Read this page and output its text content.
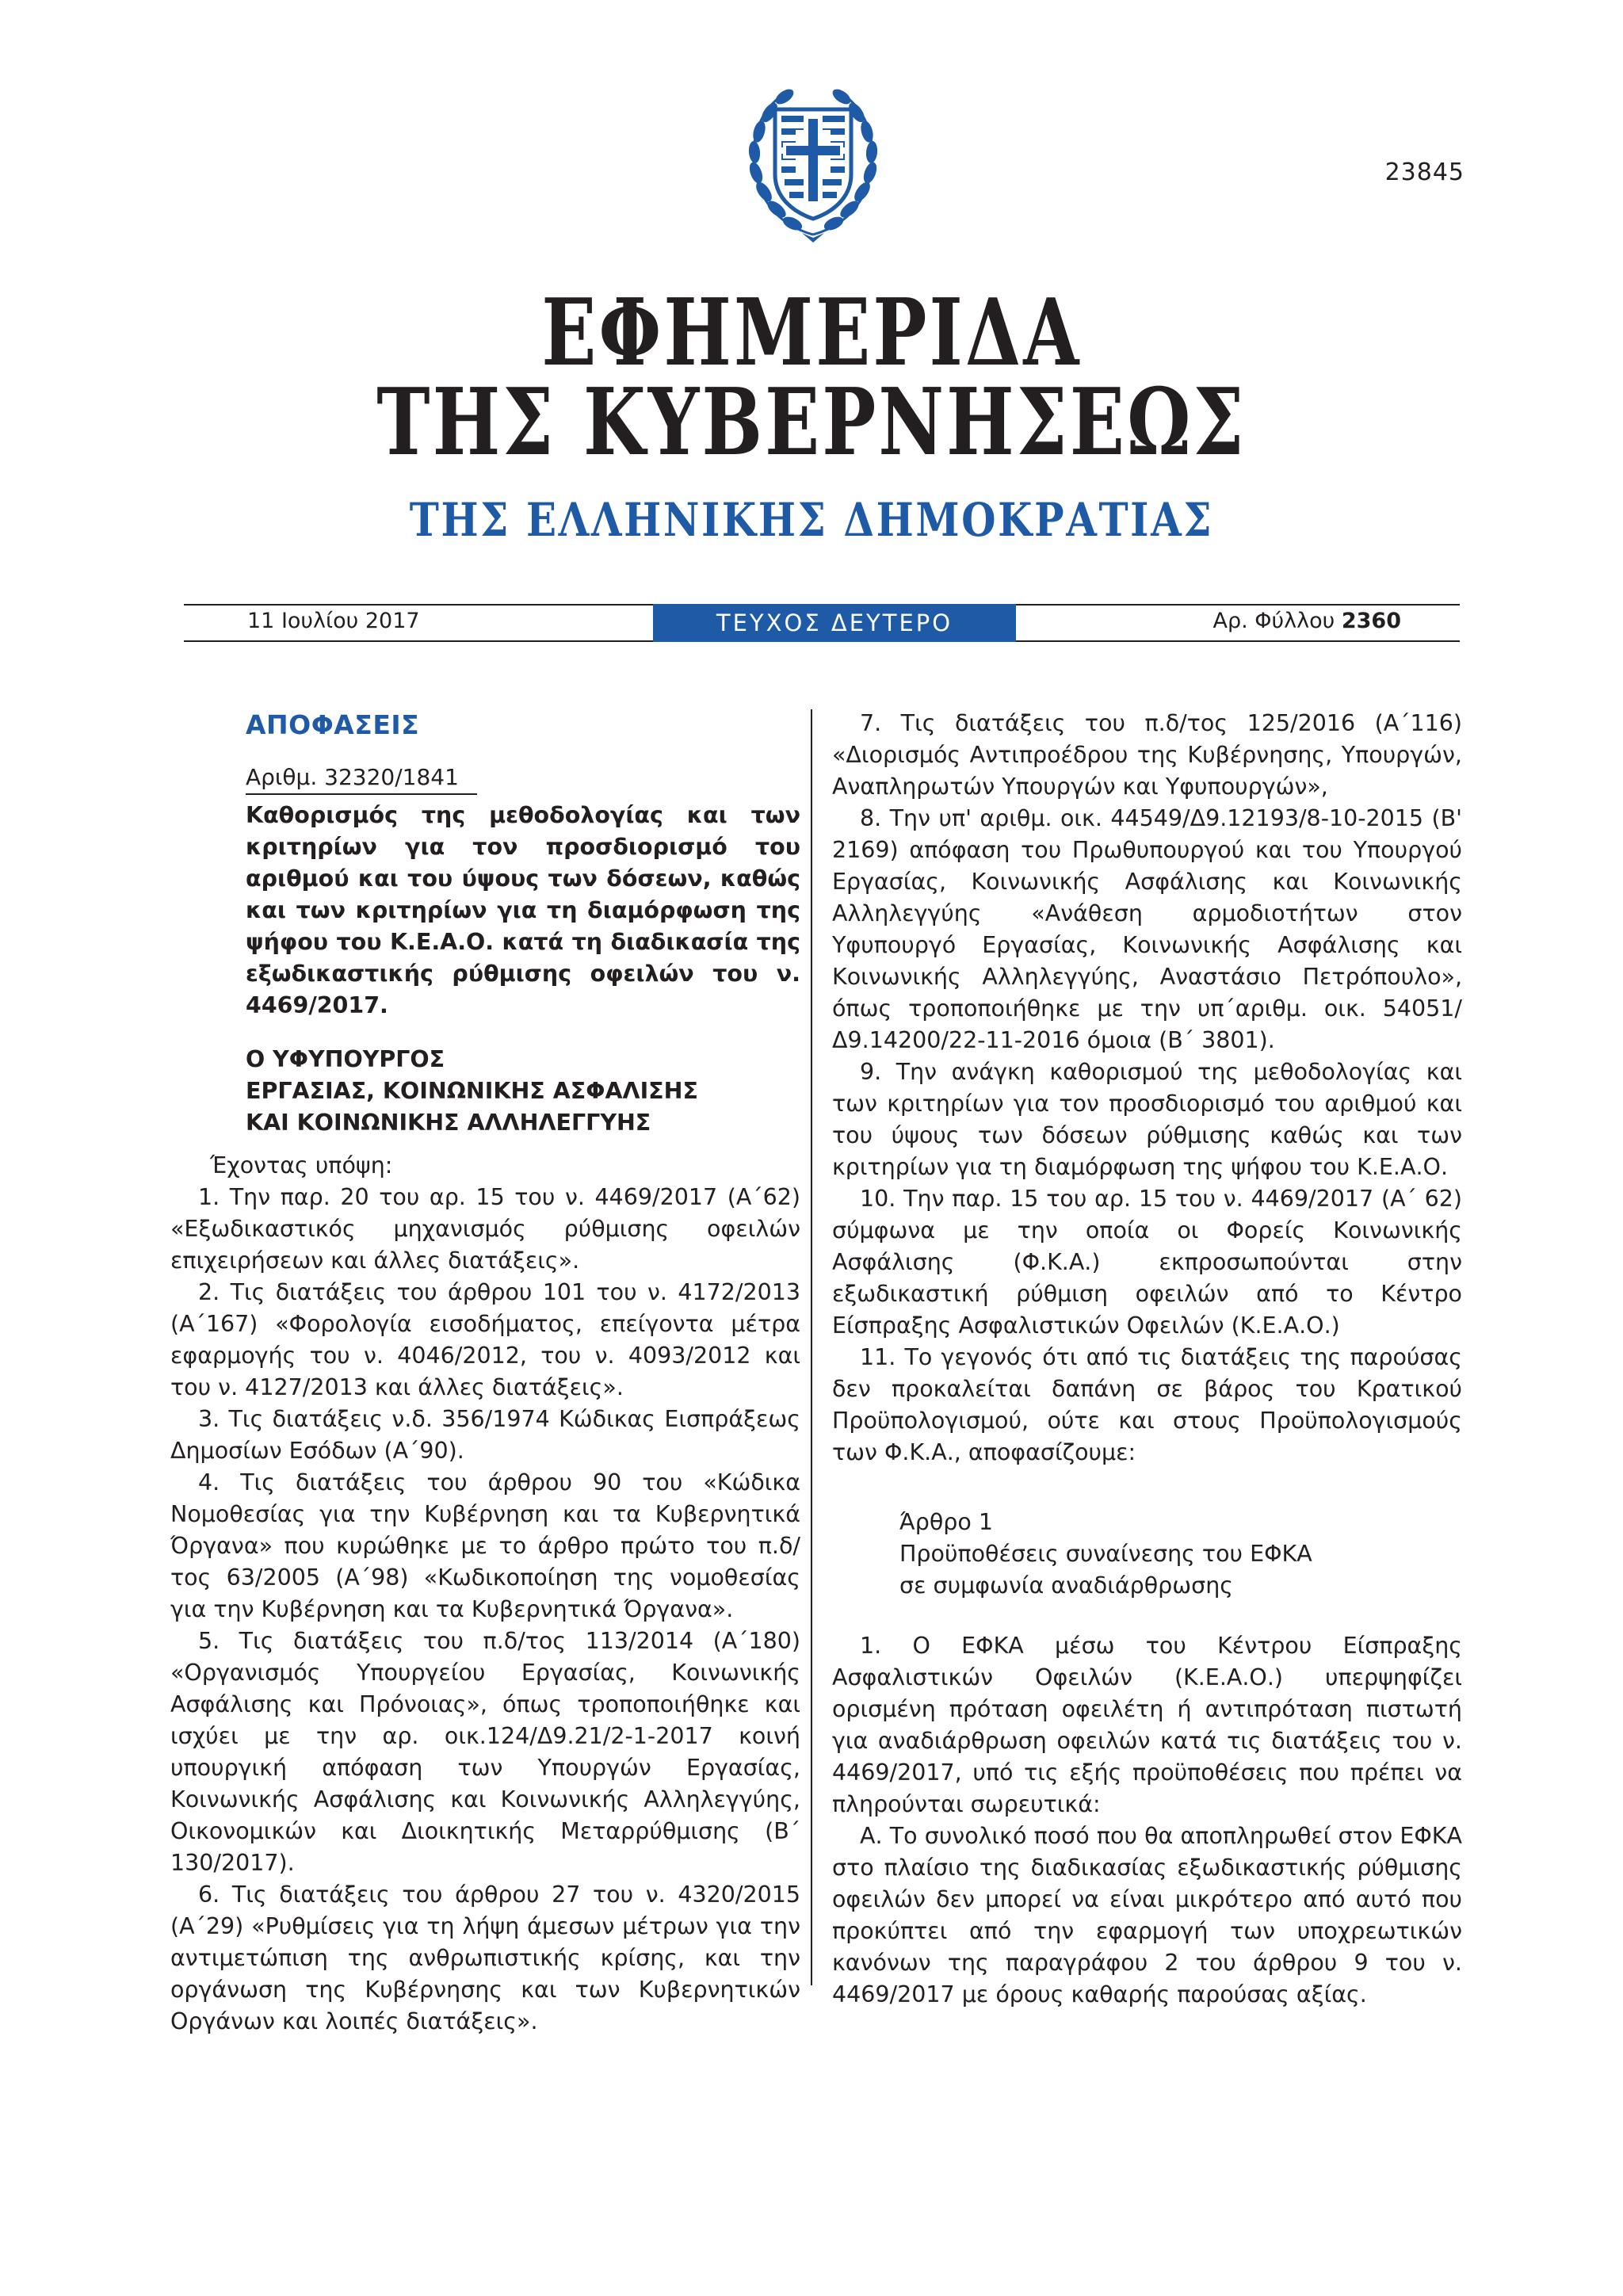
23845
ΕΦΗΜΕΡΙΔΑ
ΤΗΣ ΚΥΒΕΡΝΗΣΕΩΣ
ΤΗΣ ΕΛΛΗΝΙΚΗΣ ΔΗΜΟΚΡΑΤΙΑΣ
11 Ιουλίου 2017	ΤΕΥΧΟΣ ΔΕΥΤΕΡΟ	Αρ. Φύλλου 2360
ΑΠΟΦΑΣΕΙΣ
Αριθμ. 32320/1841
Καθορισμός της μεθοδολογίας και των κριτηρίων για τον προσδιορισμό του αριθμού και του ύψους των δόσεων, καθώς και των κριτηρίων για τη διαμόρφωση της ψήφου του Κ.Ε.Α.Ο. κατά τη διαδικασία της εξωδικαστικής ρύθμισης οφειλών του ν. 4469/2017.
Ο ΥΦΥΠΟΥΡΓΟΣ
ΕΡΓΑΣΙΑΣ, ΚΟΙΝΩΝΙΚΗΣ ΑΣΦΑΛΙΣΗΣ
ΚΑΙ ΚΟΙΝΩΝΙΚΗΣ ΑΛΛΗΛΕΓΓΥΗΣ

Έχοντας υπόψη:

1. Την παρ. 20 του αρ. 15 του ν. 4469/2017 (Α΄62) «Εξωδικαστικός μηχανισμός ρύθμισης οφειλών επιχειρήσεων και άλλες διατάξεις».

2. Τις διατάξεις του άρθρου 101 του ν. 4172/2013 (Α΄167) «Φορολογία εισοδήματος, επείγοντα μέτρα εφαρμογής του ν. 4046/2012, του ν. 4093/2012 και του ν. 4127/2013 και άλλες διατάξεις».

3. Τις διατάξεις ν.δ. 356/1974 Κώδικας Εισπράξεως Δημοσίων Εσόδων (Α΄90).

4. Τις διατάξεις του άρθρου 90 του «Κώδικα Νομοθεσίας για την Κυβέρνηση και τα Κυβερνητικά Όργανα» που κυρώθηκε με το άρθρο πρώτο του π.δ/τος 63/2005 (Α΄98) «Κωδικοποίηση της νομοθεσίας για την Κυβέρνηση και τα Κυβερνητικά Όργανα».

5. Τις διατάξεις του π.δ/τος 113/2014 (Α΄180) «Οργανισμός Υπουργείου Εργασίας, Κοινωνικής Ασφάλισης και Πρόνοιας», όπως τροποποιήθηκε και ισχύει με την αρ. οικ.124/Δ9.21/2-1-2017 κοινή υπουργική απόφαση των Υπουργών Εργασίας, Κοινωνικής Ασφάλισης και Κοινωνικής Αλληλεγγύης, Οικονομικών και Διοικητικής Μεταρρύθμισης (Β΄ 130/2017).

6. Τις διατάξεις του άρθρου 27 του ν. 4320/2015 (Α΄29) «Ρυθμίσεις για τη λήψη άμεσων μέτρων για την αντιμετώπιση της ανθρωπιστικής κρίσης, και την οργάνωση της Κυβέρνησης και των Κυβερνητικών Οργάνων και λοιπές διατάξεις».

7. Τις διατάξεις του π.δ/τος 125/2016 (Α΄116) «Διορισμός Αντιπροέδρου της Κυβέρνησης, Υπουργών, Αναπληρωτών Υπουργών και Υφυπουργών»,

8. Την υπ' αριθμ. οικ. 44549/Δ9.12193/8-10-2015 (Β' 2169) απόφαση του Πρωθυπουργού και του Υπουργού Εργασίας, Κοινωνικής Ασφάλισης και Κοινωνικής Αλληλεγγύης «Ανάθεση αρμοδιοτήτων στον Υφυπουργό Εργασίας, Κοινωνικής Ασφάλισης και Κοινωνικής Αλληλεγγύης, Αναστάσιο Πετρόπουλο», όπως τροποποιήθηκε με την υπ΄αριθμ. οικ. 54051/Δ9.14200/22-11-2016 όμοια (Β΄ 3801).

9. Την ανάγκη καθορισμού της μεθοδολογίας και των κριτηρίων για τον προσδιορισμό του αριθμού και του ύψους των δόσεων ρύθμισης καθώς και των κριτηρίων για τη διαμόρφωση της ψήφου του Κ.Ε.Α.Ο.

10. Την παρ. 15 του αρ. 15 του ν. 4469/2017 (Α΄ 62) σύμφωνα με την οποία οι Φορείς Κοινωνικής Ασφάλισης (Φ.Κ.Α.) εκπροσωπούνται στην εξωδικαστική ρύθμιση οφειλών από το Κέντρο Είσπραξης Ασφαλιστικών Οφειλών (Κ.Ε.Α.Ο.)

11. Το γεγονός ότι από τις διατάξεις της παρούσας δεν προκαλείται δαπάνη σε βάρος του Κρατικού Προϋπολογισμού, ούτε και στους Προϋπολογισμούς των Φ.Κ.Α., αποφασίζουμε:

Άρθρο 1
Προϋποθέσεις συναίνεσης του ΕΦΚΑ
σε συμφωνία αναδιάρθρωσης

1. Ο ΕΦΚΑ μέσω του Κέντρου Είσπραξης Ασφαλιστικών Οφειλών (Κ.Ε.Α.Ο.) υπερψηφίζει ορισμένη πρόταση οφειλέτη ή αντιπρόταση πιστωτή για αναδιάρθρωση οφειλών κατά τις διατάξεις του ν. 4469/2017, υπό τις εξής προϋποθέσεις που πρέπει να πληρούνται σωρευτικά:

Α. Το συνολικό ποσό που θα αποπληρωθεί στον ΕΦΚΑ στο πλαίσιο της διαδικασίας εξωδικαστικής ρύθμισης οφειλών δεν μπορεί να είναι μικρότερο από αυτό που προκύπτει από την εφαρμογή των υποχρεωτικών κανόνων της παραγράφου 2 του άρθρου 9 του ν. 4469/2017 με όρους καθαρής παρούσας αξίας.
